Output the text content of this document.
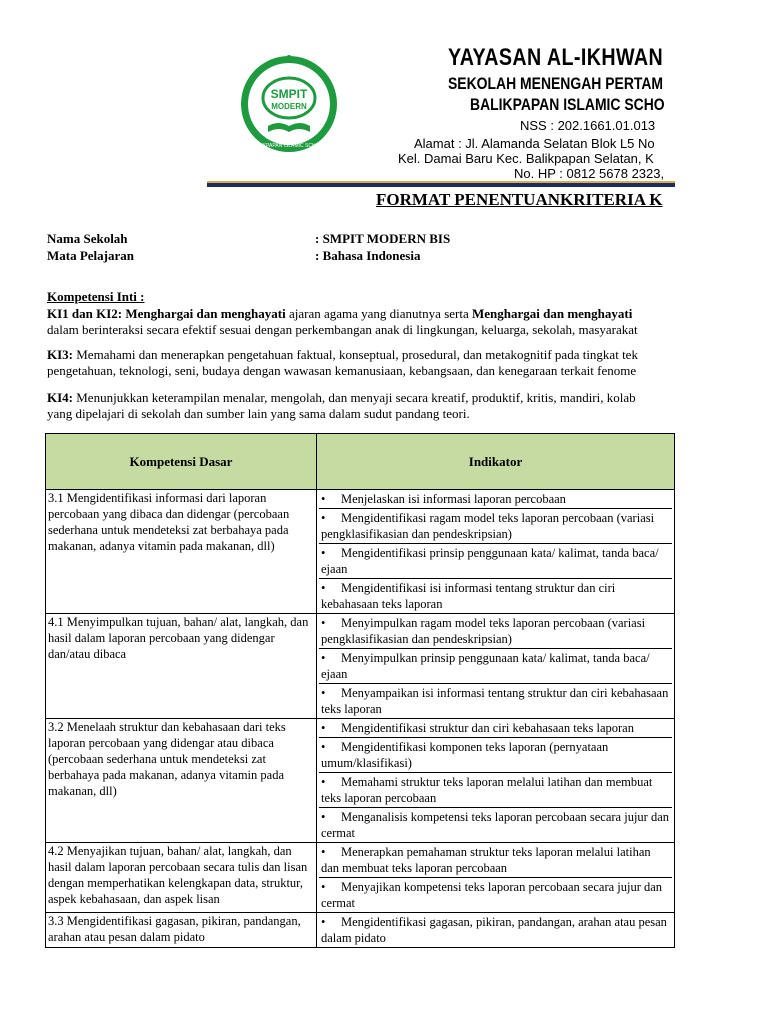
SMPIT
MODERN
BALIKPAPAN ISLAMIC SCHOOL
YAYASAN AL-IKHWAN
SEKOLAH MENENGAH PERTAM
BALIKPAPAN ISLAMIC SCHO
NSS : 202.1661.01.013
Alamat : Jl. Alamanda Selatan Blok L5 No
Kel. Damai Baru Kec. Balikpapan Selatan, K
No. HP : 0812 5678 2323,
FORMAT PENENTUANKRITERIA K
Nama Sekolah	: SMPIT MODERN BIS
Mata Pelajaran	: Bahasa Indonesia
Kompetensi Inti :
KI1 dan KI2: Menghargai dan menghayati ajaran agama yang dianutnya serta Menghargai dan menghayati
dalam berinteraksi secara efektif sesuai dengan perkembangan anak di lingkungan, keluarga, sekolah, masyarakat
KI3: Memahami dan menerapkan pengetahuan faktual, konseptual, prosedural, dan metakognitif pada tingkat tek
pengetahuan, teknologi, seni, budaya dengan wawasan kemanusiaan, kebangsaan, dan kenegaraan terkait fenome
KI4: Menunjukkan keterampilan menalar, mengolah, dan menyaji secara kreatif, produktif, kritis, mandiri, kolab
yang dipelajari di sekolah dan sumber lain yang sama dalam sudut pandang teori.
Kompetensi Dasar	Indikator
3.1 Mengidentifikasi informasi dari laporan percobaan yang dibaca dan didengar (percobaan sederhana untuk mendeteksi zat berbahaya pada makanan, adanya vitamin pada makanan, dll)	• Menjelaskan isi informasi laporan percobaan
• Mengidentifikasi ragam model teks laporan percobaan (variasi pengklasifikasian dan pendeskripsian)
• Mengidentifikasi prinsip penggunaan kata/ kalimat, tanda baca/ ejaan
• Mengidentifikasi isi informasi tentang struktur dan ciri kebahasaan teks laporan

4.1 Menyimpulkan tujuan, bahan/ alat, langkah, dan hasil dalam laporan percobaan yang didengar dan/atau dibaca	• Menyimpulkan ragam model teks laporan percobaan (variasi pengklasifikasian dan pendeskripsian)
• Menyimpulkan prinsip penggunaan kata/ kalimat, tanda baca/ ejaan
• Menyampaikan isi informasi tentang struktur dan ciri kebahasaan teks laporan

3.2 Menelaah struktur dan kebahasaan dari teks laporan percobaan yang didengar atau dibaca (percobaan sederhana untuk mendeteksi zat berbahaya pada makanan, adanya vitamin pada makanan, dll)	• Mengidentifikasi struktur dan ciri kebahasaan teks laporan
• Mengidentifikasi komponen teks laporan (pernyataan umum/klasifikasi)
• Memahami struktur teks laporan melalui latihan dan membuat teks laporan percobaan
• Menganalisis kompetensi teks laporan percobaan secara jujur dan cermat

4.2 Menyajikan tujuan, bahan/ alat, langkah, dan hasil dalam laporan percobaan secara tulis dan lisan dengan memperhatikan kelengkapan data, struktur, aspek kebahasaan, dan aspek lisan	• Menerapkan pemahaman struktur teks laporan melalui latihan dan membuat teks laporan percobaan
• Menyajikan kompetensi teks laporan percobaan secara jujur dan cermat

3.3 Mengidentifikasi gagasan, pikiran, pandangan, arahan atau pesan dalam pidato	• Mengidentifikasi gagasan, pikiran, pandangan, arahan atau pesan dalam pidato
